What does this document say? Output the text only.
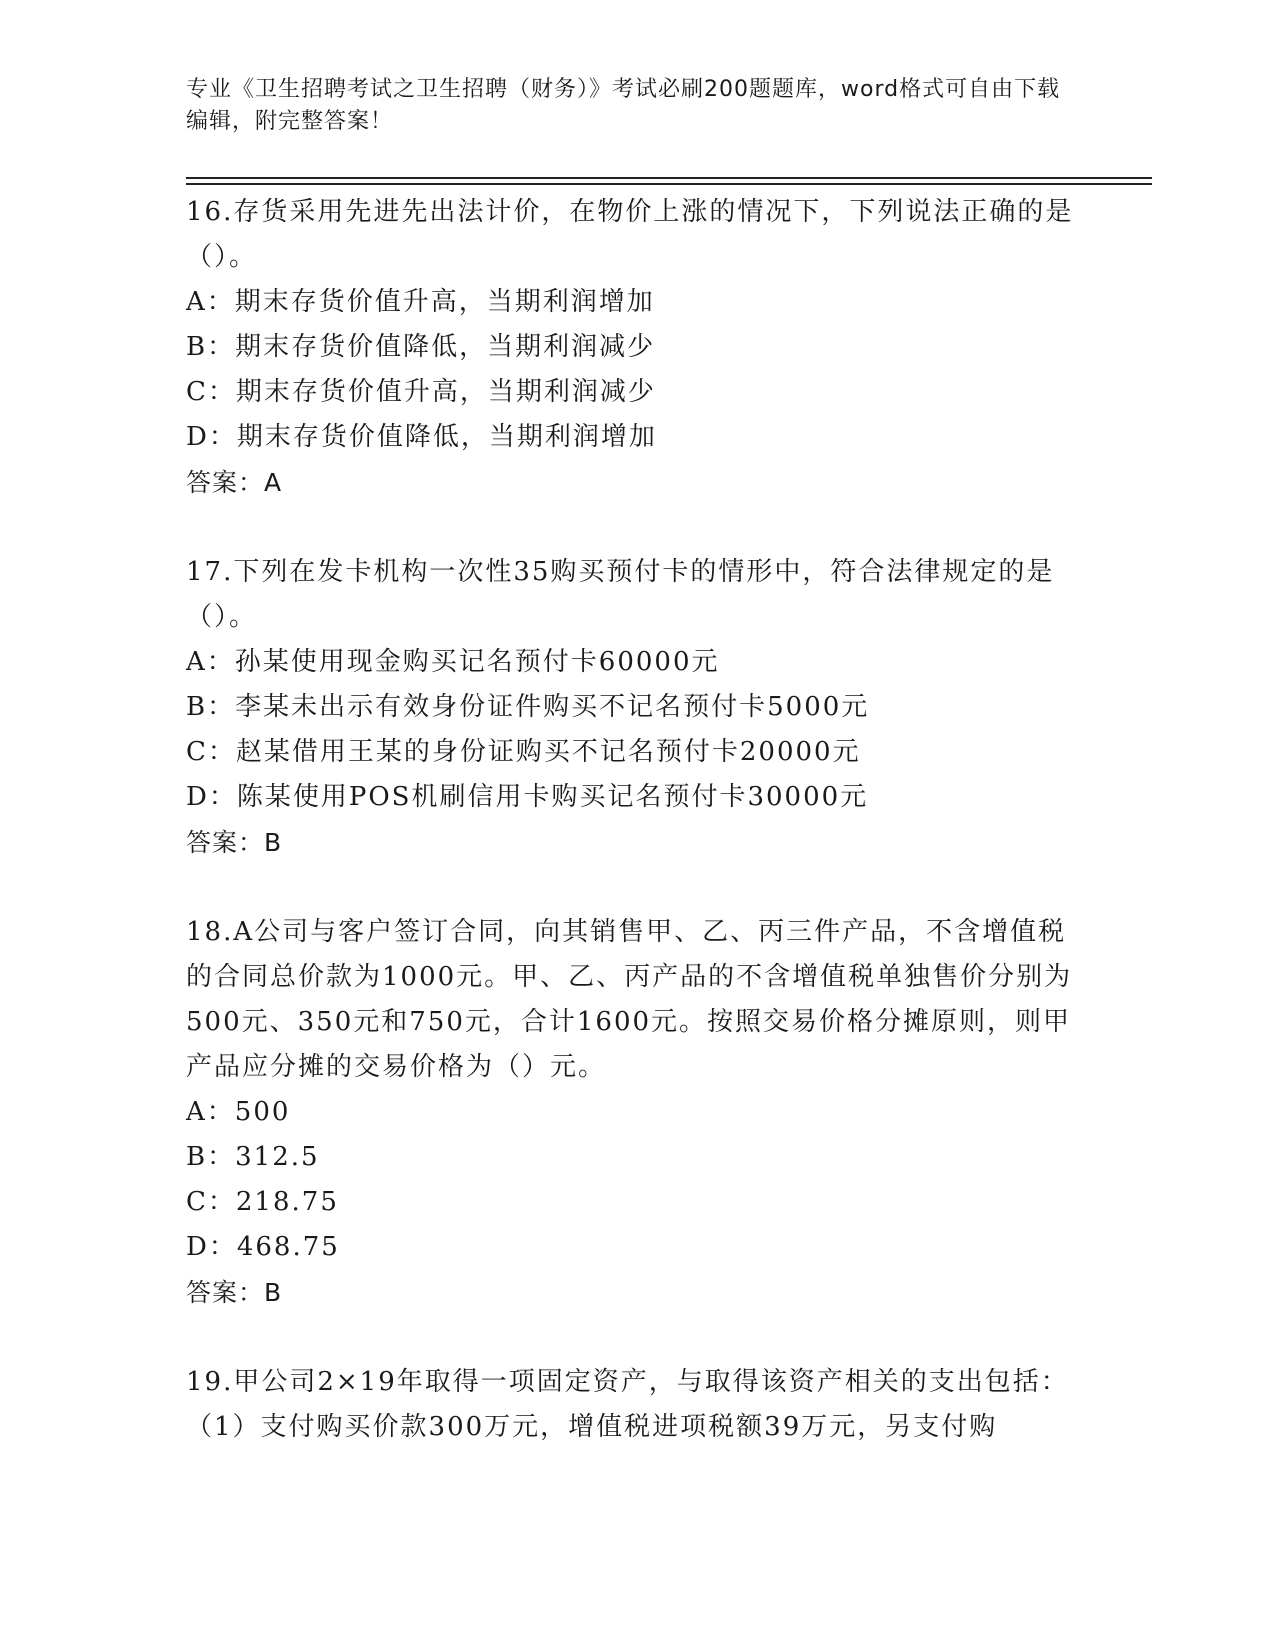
专业《卫生招聘考试之卫生招聘（财务）》考试必刷200题题库，word格式可自由下载编辑，附完整答案！

16.存货采用先进先出法计价，在物价上涨的情况下，下列说法正确的是（）。

A：期末存货价值升高，当期利润增加

B：期末存货价值降低，当期利润减少

C：期末存货价值升高，当期利润减少

D：期末存货价值降低，当期利润增加

答案：A

17.下列在发卡机构一次性35购买预付卡的情形中，符合法律规定的是（）。

A：孙某使用现金购买记名预付卡60000元

B：李某未出示有效身份证件购买不记名预付卡5000元

C：赵某借用王某的身份证购买不记名预付卡20000元

D：陈某使用POS机刷信用卡购买记名预付卡30000元

答案：B

18.A公司与客户签订合同，向其销售甲、乙、丙三件产品，不含增值税的合同总价款为1000元。甲、乙、丙产品的不含增值税单独售价分别为500元、350元和750元，合计1600元。按照交易价格分摊原则，则甲产品应分摊的交易价格为（）元。

A：500

B：312.5

C：218.75

D：468.75

答案：B

19.甲公司2×19年取得一项固定资产，与取得该资产相关的支出包括：（1）支付购买价款300万元，增值税进项税额39万元，另支付购
